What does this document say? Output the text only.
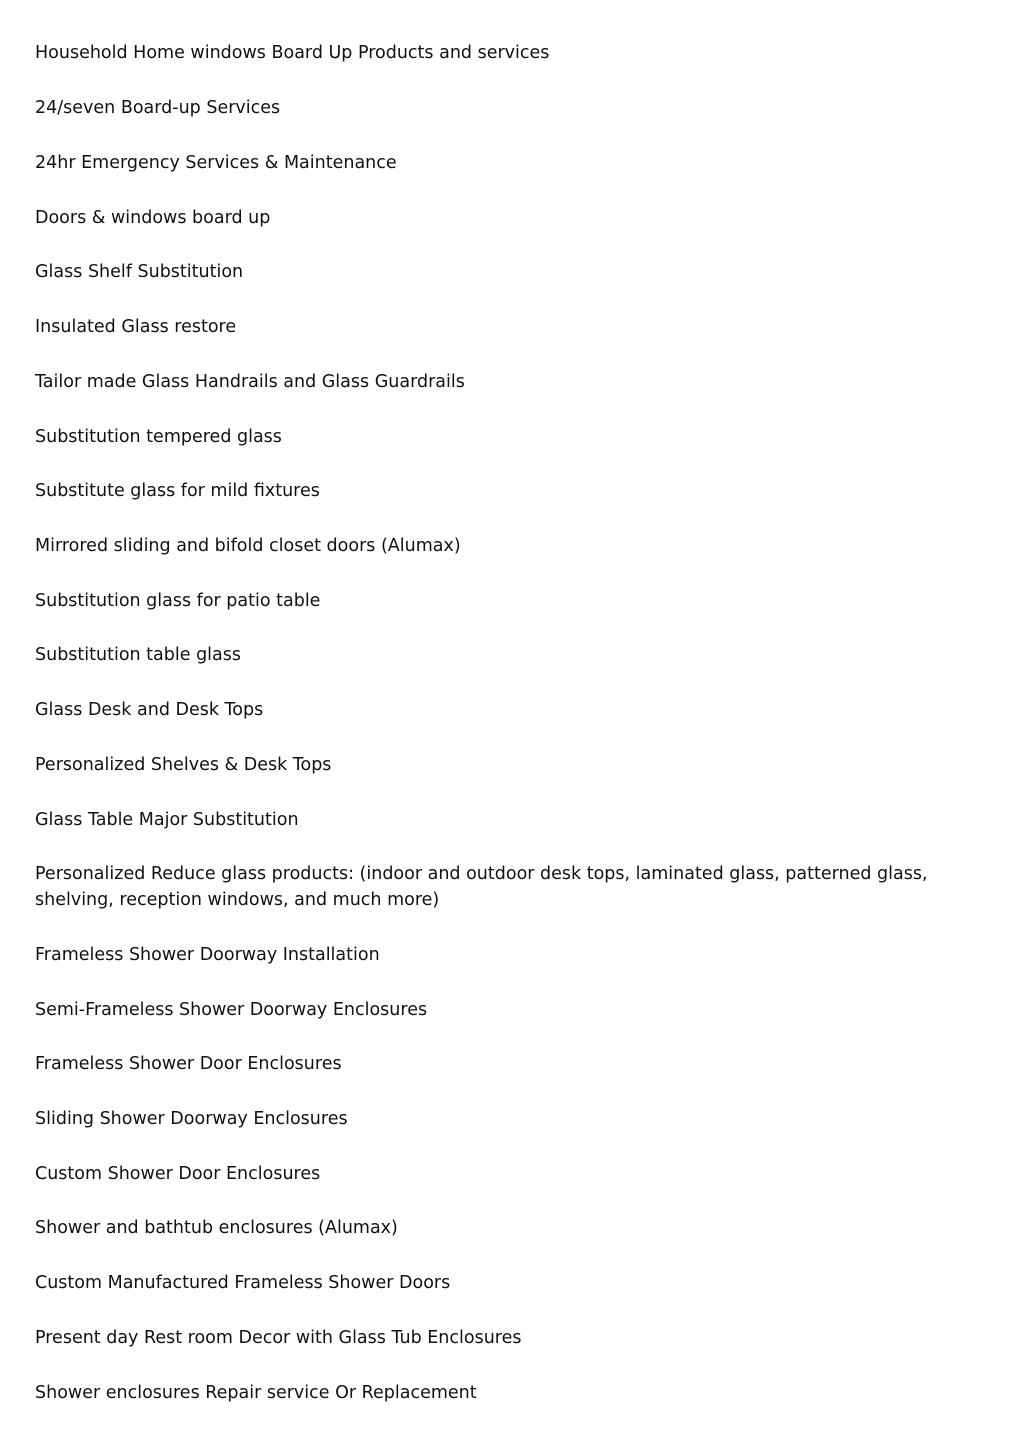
Household Home windows Board Up Products and services
24/seven Board-up Services
24hr Emergency Services & Maintenance
Doors & windows board up
Glass Shelf Substitution
Insulated Glass restore
Tailor made Glass Handrails and Glass Guardrails
Substitution tempered glass
Substitute glass for mild fixtures
Mirrored sliding and bifold closet doors (Alumax)
Substitution glass for patio table
Substitution table glass
Glass Desk and Desk Tops
Personalized Shelves & Desk Tops
Glass Table Major Substitution
Personalized Reduce glass products: (indoor and outdoor desk tops, laminated glass, patterned glass, shelving, reception windows, and much more)
Frameless Shower Doorway Installation
Semi-Frameless Shower Doorway Enclosures
Frameless Shower Door Enclosures
Sliding Shower Doorway Enclosures
Custom Shower Door Enclosures
Shower and bathtub enclosures (Alumax)
Custom Manufactured Frameless Shower Doors
Present day Rest room Decor with Glass Tub Enclosures
Shower enclosures Repair service Or Replacement
